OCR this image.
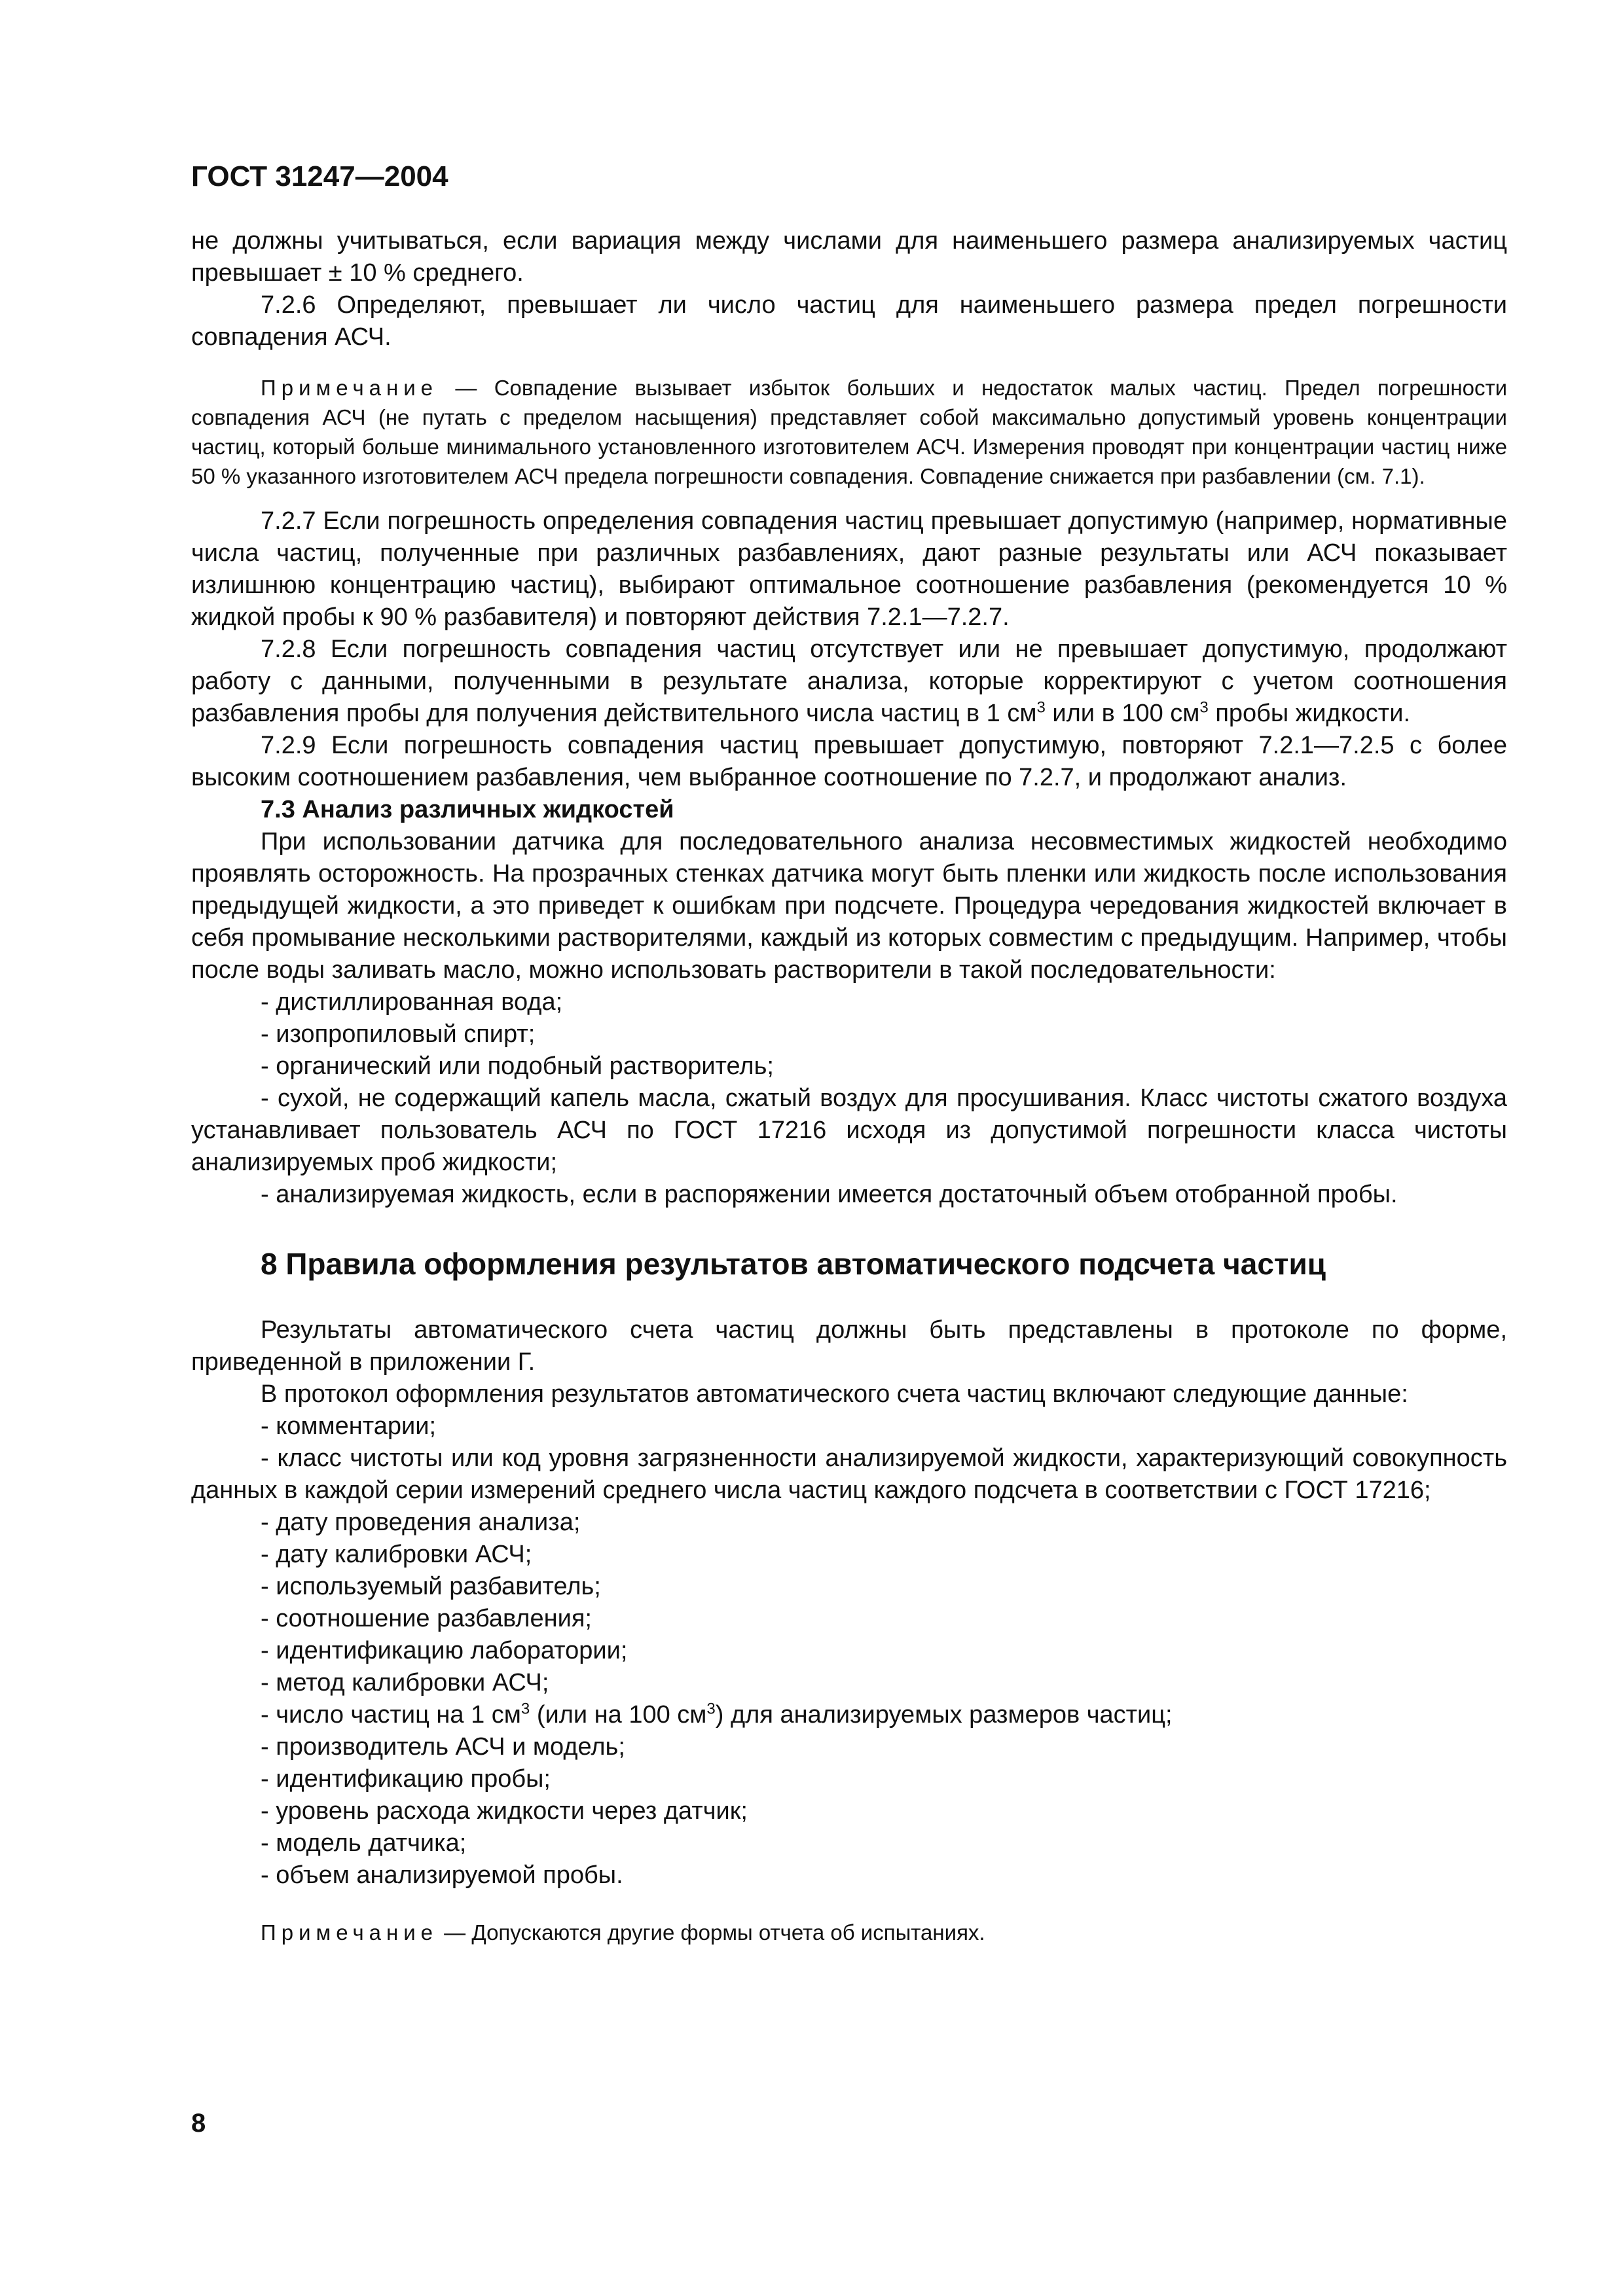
ГОСТ 31247—2004

не должны учитываться, если вариация между числами для наименьшего размера анализируемых частиц превышает ± 10 % среднего.

7.2.6 Определяют, превышает ли число частиц для наименьшего размера предел погрешности совпадения АСЧ.

Примечание — Совпадение вызывает избыток больших и недостаток малых частиц. Предел погрешности совпадения АСЧ (не путать с пределом насыщения) представляет собой максимально допустимый уровень концентрации частиц, который больше минимального установленного изготовителем АСЧ. Измерения проводят при концентрации частиц ниже 50 % указанного изготовителем АСЧ предела погрешности совпадения. Совпадение снижается при разбавлении (см. 7.1).

7.2.7 Если погрешность определения совпадения частиц превышает допустимую (например, нормативные числа частиц, полученные при различных разбавлениях, дают разные результаты или АСЧ показывает излишнюю концентрацию частиц), выбирают оптимальное соотношение разбавления (рекомендуется 10 % жидкой пробы к 90 % разбавителя) и повторяют действия 7.2.1—7.2.7.

7.2.8 Если погрешность совпадения частиц отсутствует или не превышает допустимую, продолжают работу с данными, полученными в результате анализа, которые корректируют с учетом соотношения разбавления пробы для получения действительного числа частиц в 1 $см^3$ или в 100 $см^3$ пробы жидкости.

7.2.9 Если погрешность совпадения частиц превышает допустимую, повторяют 7.2.1—7.2.5 с более высоким соотношением разбавления, чем выбранное соотношение по 7.2.7, и продолжают анализ.

7.3 Анализ различных жидкостей

При использовании датчика для последовательного анализа несовместимых жидкостей необходимо проявлять осторожность. На прозрачных стенках датчика могут быть пленки или жидкость после использования предыдущей жидкости, а это приведет к ошибкам при подсчете. Процедура чередования жидкостей включает в себя промывание несколькими растворителями, каждый из которых совместим с предыдущим. Например, чтобы после воды заливать масло, можно использовать растворители в такой последовательности:

- дистиллированная вода;
- изопропиловый спирт;
- органический или подобный растворитель;
- сухой, не содержащий капель масла, сжатый воздух для просушивания. Класс чистоты сжатого воздуха устанавливает пользователь АСЧ по ГОСТ 17216 исходя из допустимой погрешности класса чистоты анализируемых проб жидкости;
- анализируемая жидкость, если в распоряжении имеется достаточный объем отобранной пробы.
8 Правила оформления результатов автоматического подсчета частиц

Результаты автоматического счета частиц должны быть представлены в протоколе по форме, приведенной в приложении Г.

В протокол оформления результатов автоматического счета частиц включают следующие данные:

- комментарии;
- класс чистоты или код уровня загрязненности анализируемой жидкости, характеризующий совокупность данных в каждой серии измерений среднего числа частиц каждого подсчета в соответствии с ГОСТ 17216;
- дату проведения анализа;
- дату калибровки АСЧ;
- используемый разбавитель;
- соотношение разбавления;
- идентификацию лаборатории;
- метод калибровки АСЧ;
- число частиц на 1 $см^3$ (или на 100 $см^3$) для анализируемых размеров частиц;
- производитель АСЧ и модель;
- идентификацию пробы;
- уровень расхода жидкости через датчик;
- модель датчика;
- объем анализируемой пробы.

Примечание — Допускаются другие формы отчета об испытаниях.

8
